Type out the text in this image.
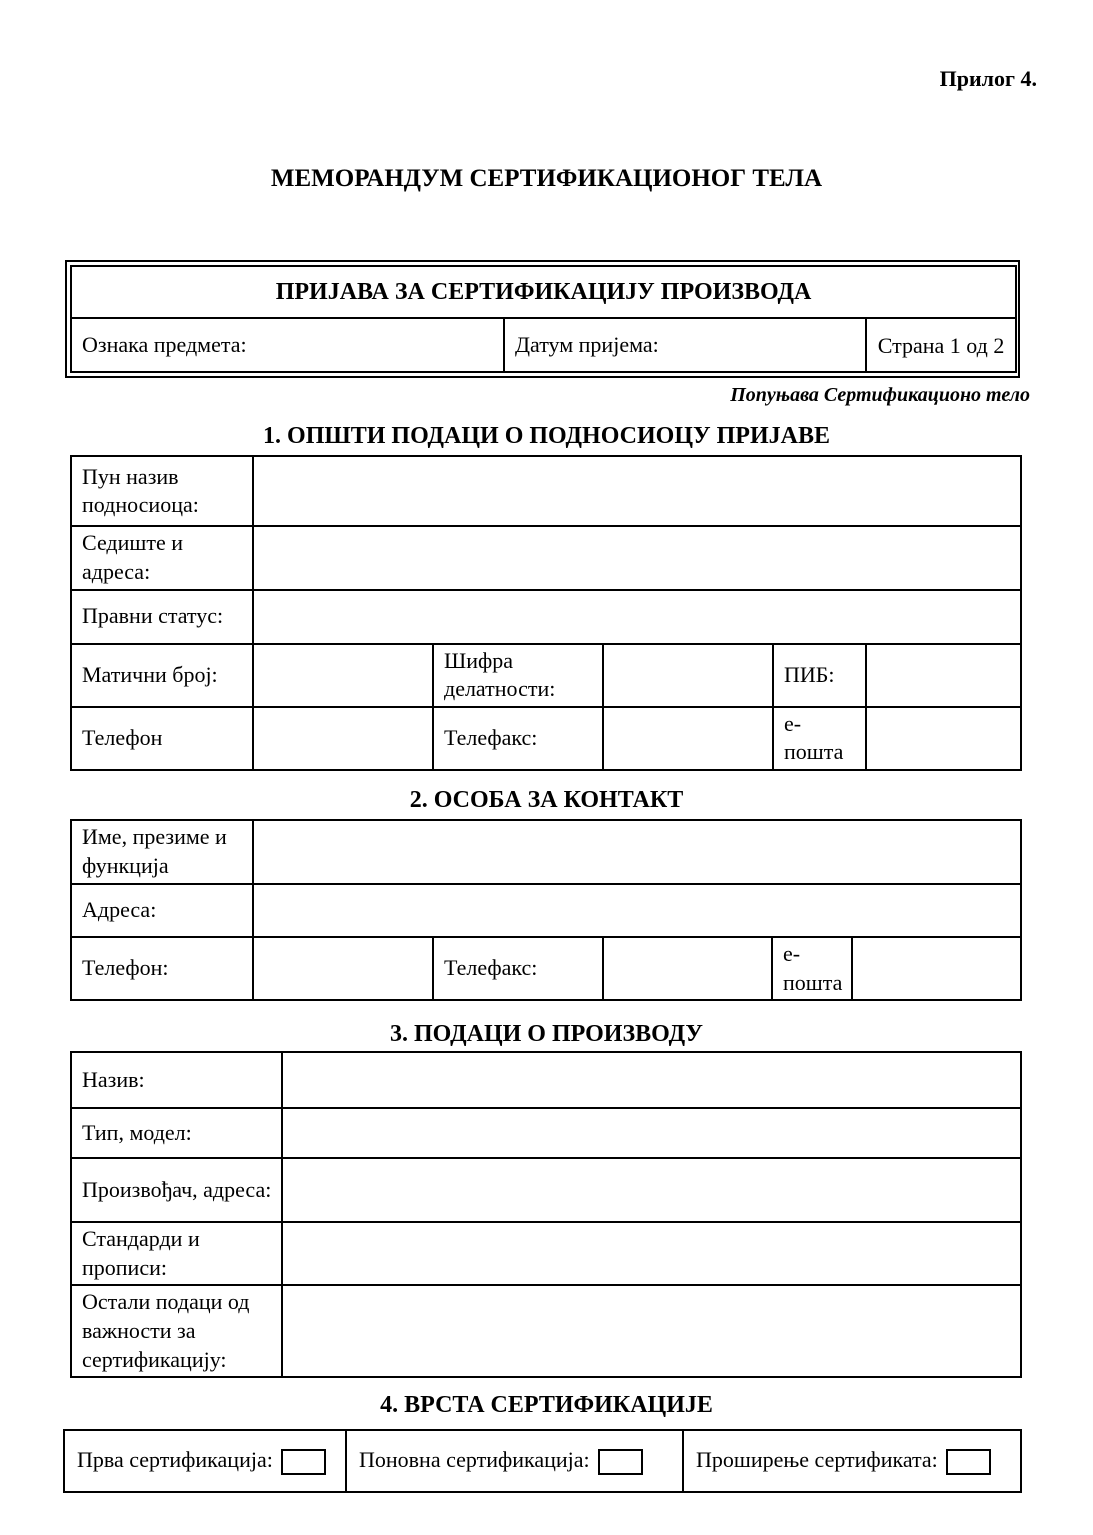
Прилог 4.
МЕМОРАНДУМ СЕРТИФИКАЦИОНОГ ТЕЛА
ПРИЈАВА ЗА СЕРТИФИКАЦИЈУ ПРОИЗВОДА
Ознака предмета:	Датум пријема:	Страна 1 од 2
Попуњава Сертификационо тело
1. ОПШТИ ПОДАЦИ О ПОДНОСИОЦУ ПРИЈАВЕ
Пун назив подносиоца:					
Седиште и адреса:					
Правни статус:					
Матични број:		Шифра делатности:		ПИБ:	
Телефон		Телефакс:		е-пошта	
2. ОСОБА ЗА КОНТАКТ
Име, презиме и функција					
Адреса:					
Телефон:		Телефакс:		е-пошта	
3. ПОДАЦИ О ПРОИЗВОДУ
Назив:	
Тип, модел:	
Произвођач, адреса:	
Стандарди и прописи:	
Остали подаци од важности за сертификацију:	
4. ВРСТА СЕРТИФИКАЦИЈЕ
Прва сертификација:	Поновна сертификација:	Проширење сертификата:
